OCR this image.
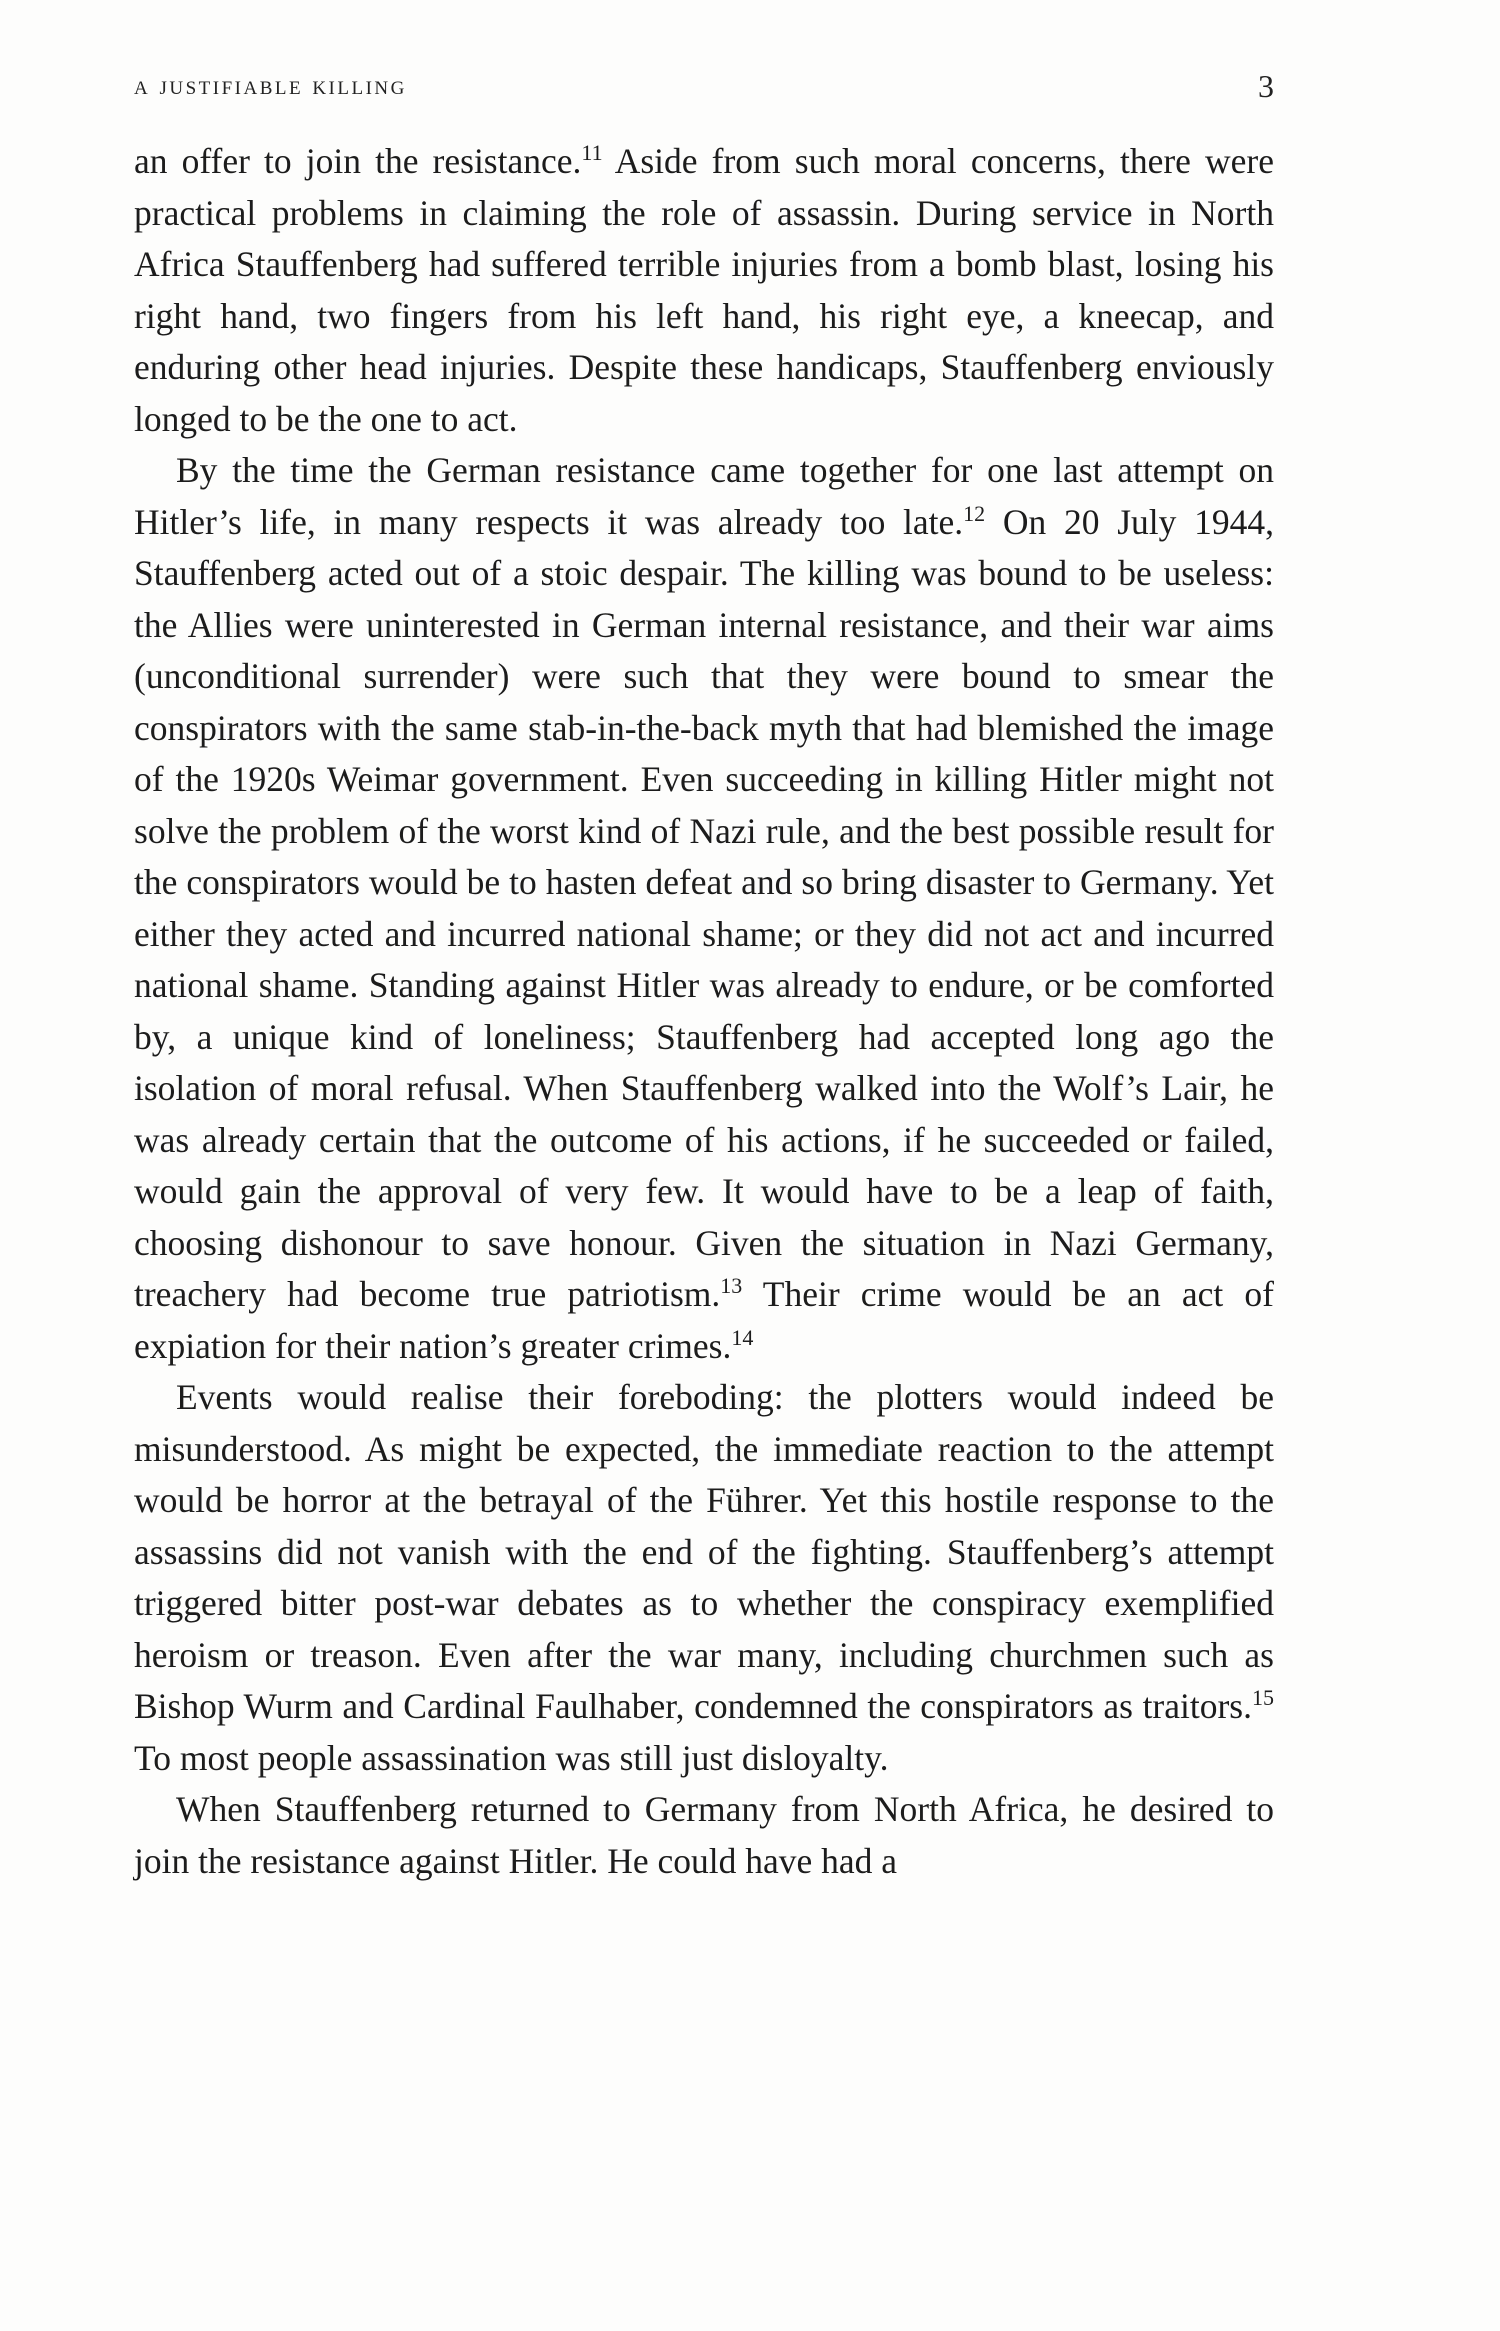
a justifiable killing	3

an offer to join the resistance.$^{11}$ Aside from such moral concerns, there were practical problems in claiming the role of assassin. During service in North Africa Stauffenberg had suffered terrible injuries from a bomb blast, losing his right hand, two fingers from his left hand, his right eye, a kneecap, and enduring other head injuries. Despite these handicaps, Stauffenberg enviously longed to be the one to act.

By the time the German resistance came together for one last attempt on Hitler’s life, in many respects it was already too late.$^{12}$ On 20 July 1944, Stauffenberg acted out of a stoic despair. The killing was bound to be useless: the Allies were uninterested in German internal resistance, and their war aims (unconditional surrender) were such that they were bound to smear the conspirators with the same stab-in-the-back myth that had blemished the image of the 1920s Weimar government. Even succeeding in killing Hitler might not solve the problem of the worst kind of Nazi rule, and the best possible result for the conspirators would be to hasten defeat and so bring disaster to Germany. Yet either they acted and incurred national shame; or they did not act and incurred national shame. Standing against Hitler was already to endure, or be comforted by, a unique kind of loneliness; Stauffenberg had accepted long ago the isolation of moral refusal. When Stauffenberg walked into the Wolf’s Lair, he was already certain that the outcome of his actions, if he succeeded or failed, would gain the approval of very few. It would have to be a leap of faith, choosing dishonour to save honour. Given the situation in Nazi Germany, treachery had become true patriotism.$^{13}$ Their crime would be an act of expiation for their nation’s greater crimes.$^{14}$

Events would realise their foreboding: the plotters would indeed be misunderstood. As might be expected, the immediate reaction to the attempt would be horror at the betrayal of the Führer. Yet this hostile response to the assassins did not vanish with the end of the fighting. Stauffenberg’s attempt triggered bitter post-war debates as to whether the conspiracy exemplified heroism or treason. Even after the war many, including churchmen such as Bishop Wurm and Cardinal Faulhaber, condemned the conspirators as traitors.$^{15}$ To most people assassination was still just disloyalty.

When Stauffenberg returned to Germany from North Africa, he desired to join the resistance against Hitler. He could have had a
